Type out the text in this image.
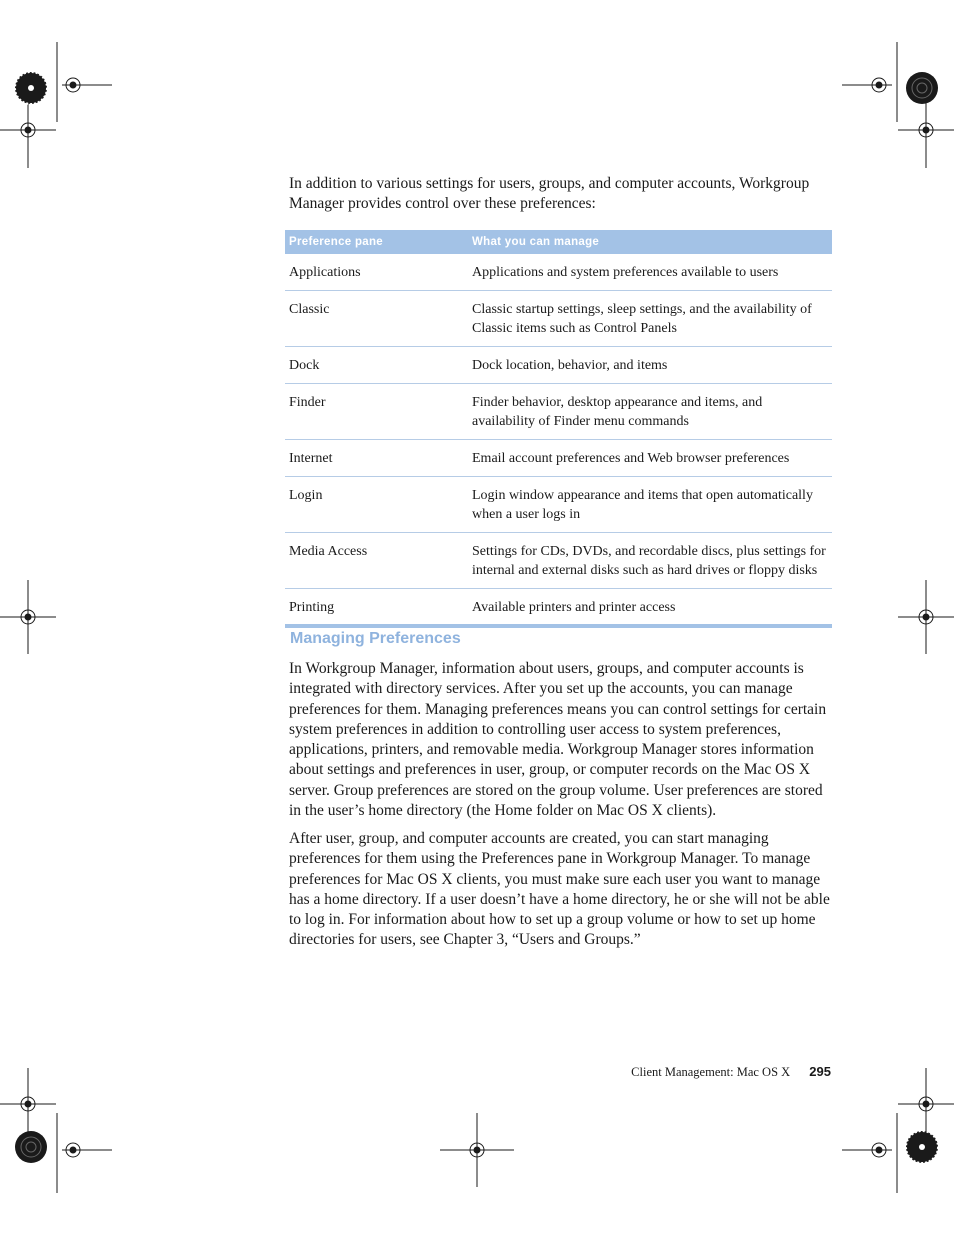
In addition to various settings for users, groups, and computer accounts, Workgroup Manager provides control over these preferences:

Preference pane	What you can manage
Applications	Applications and system preferences available to users
Classic	Classic startup settings, sleep settings, and the availability of Classic items such as Control Panels
Dock	Dock location, behavior, and items
Finder	Finder behavior, desktop appearance and items, and availability of Finder menu commands
Internet	Email account preferences and Web browser preferences
Login	Login window appearance and items that open automatically when a user logs in
Media Access	Settings for CDs, DVDs, and recordable discs, plus settings for internal and external disks such as hard drives or floppy disks
Printing	Available printers and printer access
Managing Preferences

In Workgroup Manager, information about users, groups, and computer accounts is integrated with directory services. After you set up the accounts, you can manage preferences for them. Managing preferences means you can control settings for certain system preferences in addition to controlling user access to system preferences, applications, printers, and removable media. Workgroup Manager stores information about settings and preferences in user, group, or computer records on the Mac OS X server. Group preferences are stored on the group volume. User preferences are stored in the user’s home directory (the Home folder on Mac OS X clients).

After user, group, and computer accounts are created, you can start managing preferences for them using the Preferences pane in Workgroup Manager. To manage preferences for Mac OS X clients, you must make sure each user you want to manage has a home directory. If a user doesn’t have a home directory, he or she will not be able to log in. For information about how to set up a group volume or how to set up home directories for users, see Chapter 3, “Users and Groups.”

Client Management: Mac OS X 295
